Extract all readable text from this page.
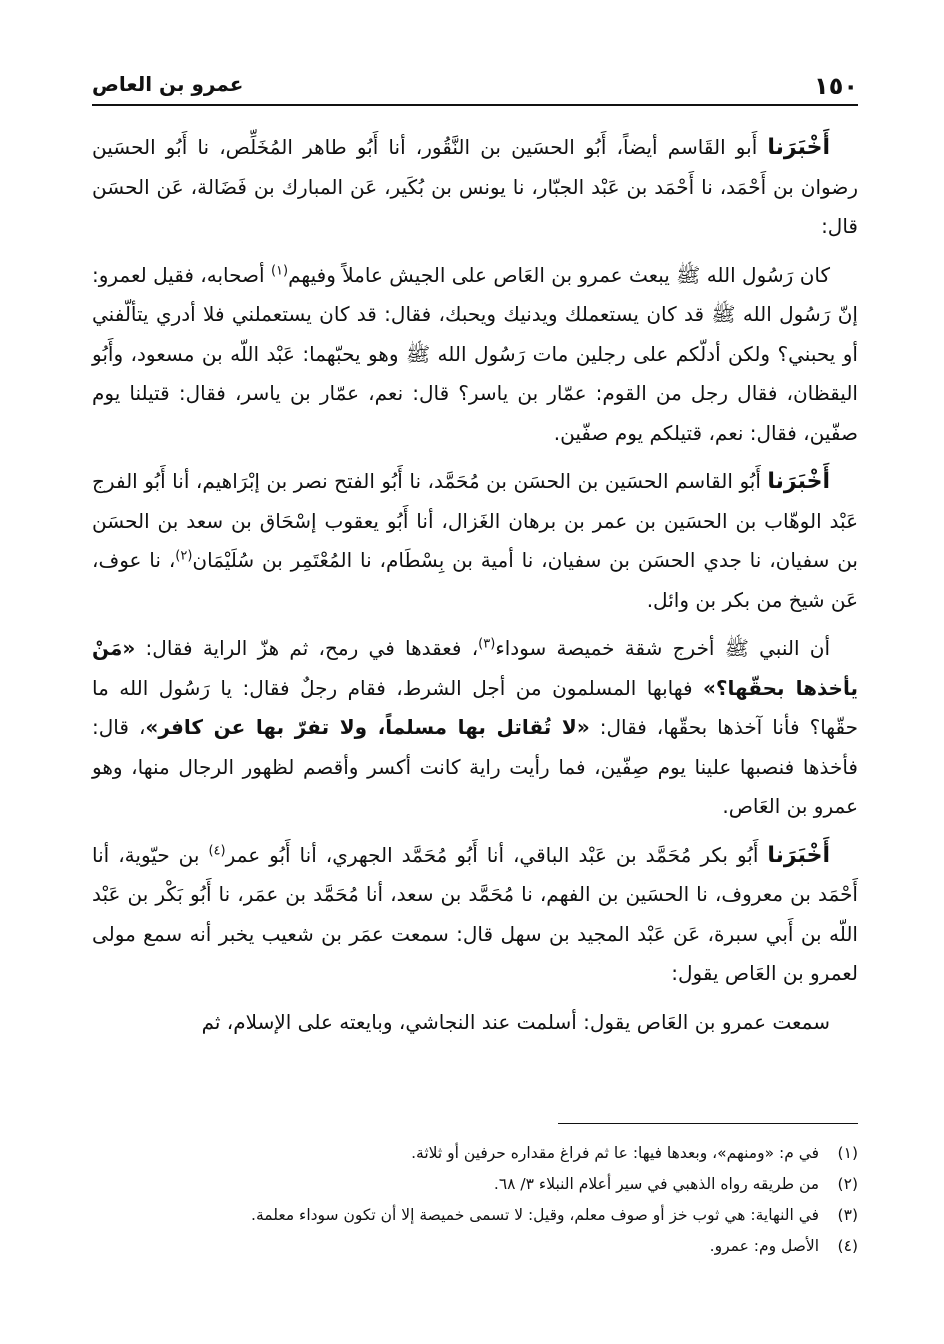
١٥٠
عمرو بن العاص

أَخْبَرَنا أَبو القَاسم أيضاً، أَبُو الحسَين بن النَّقُور، أنا أَبُو طاهر المُخَلِّص، نا أَبُو الحسَين رضوان بن أَحْمَد، نا أَحْمَد بن عَبْد الجبّار، نا يونس بن بُكَير، عَن المبارك بن فَضَالة، عَن الحسَن قال:

كان رَسُول الله ﷺ يبعث عمرو بن العَاص على الجيش عاملاً وفيهم$^{(١)}$ أصحابه، فقيل لعمرو: إنّ رَسُول الله ﷺ قد كان يستعملك ويدنيك ويحبك، فقال: قد كان يستعملني فلا أدري يتألّفني أو يحبني؟ ولكن أدلّكم على رجلين مات رَسُول الله ﷺ وهو يحبّهما: عَبْد اللّه بن مسعود، وأَبُو اليقظان، فقال رجل من القوم: عمّار بن ياسر؟ قال: نعم، عمّار بن ياسر، فقال: قتيلنا يوم صفّين، فقال: نعم، قتيلكم يوم صفّين.

أَخْبَرَنا أَبُو القاسم الحسَين بن الحسَن بن مُحَمَّد، نا أَبُو الفتح نصر بن إبْرَاهيم، أنا أَبُو الفرج عَبْد الوهّاب بن الحسَين بن عمر بن برهان الغَزال، أنا أَبُو يعقوب إسْحَاق بن سعد بن الحسَن بن سفيان، نا جدي الحسَن بن سفيان، نا أمية بن بِسْطَام، نا المُعْتَمِر بن سُلَيْمَان$^{(٢)}$، نا عوف، عَن شيخ من بكر بن وائل.

أن النبي ﷺ أخرج شقة خميصة سوداء$^{(٣)}$، فعقدها في رمح، ثم هزّ الراية فقال: «مَنْ يأخذها بحقّها؟» فهابها المسلمون من أجل الشرط، فقام رجلٌ فقال: يا رَسُول الله ما حقّها؟ فأنا آخذها بحقّها، فقال: «لا تُقاتل بها مسلماً، ولا تفرّ بها عن كافر»، قال: فأخذها فنصبها علينا يوم صِفّين، فما رأيت راية كانت أكسر وأقصم لظهور الرجال منها، وهو عمرو بن العَاص.

أَخْبَرَنا أَبُو بكر مُحَمَّد بن عَبْد الباقي، أنا أَبُو مُحَمَّد الجهري، أنا أَبُو عمر$^{(٤)}$ بن حيّوية، أنا أَحْمَد بن معروف، نا الحسَين بن الفهم، نا مُحَمَّد بن سعد، أنا مُحَمَّد بن عمَر، نا أَبُو بَكْر بن عَبْد اللّه بن أَبي سبرة، عَن عَبْد المجيد بن سهل قال: سمعت عمَر بن شعيب يخبر أنه سمع مولى لعمرو بن العَاص يقول:

سمعت عمرو بن العَاص يقول: أسلمت عند النجاشي، وبايعته على الإسلام، ثم

(١) في م: «ومنهم»، وبعدها فيها: عا ثم فراغ مقداره حرفين أو ثلاثة.
(٢) من طريقه رواه الذهبي في سير أعلام النبلاء ٣/ ٦٨.
(٣) في النهاية: هي ثوب خز أو صوف معلم، وقيل: لا تسمى خميصة إلا أن تكون سوداء معلمة.
(٤) الأصل وم: عمرو.
